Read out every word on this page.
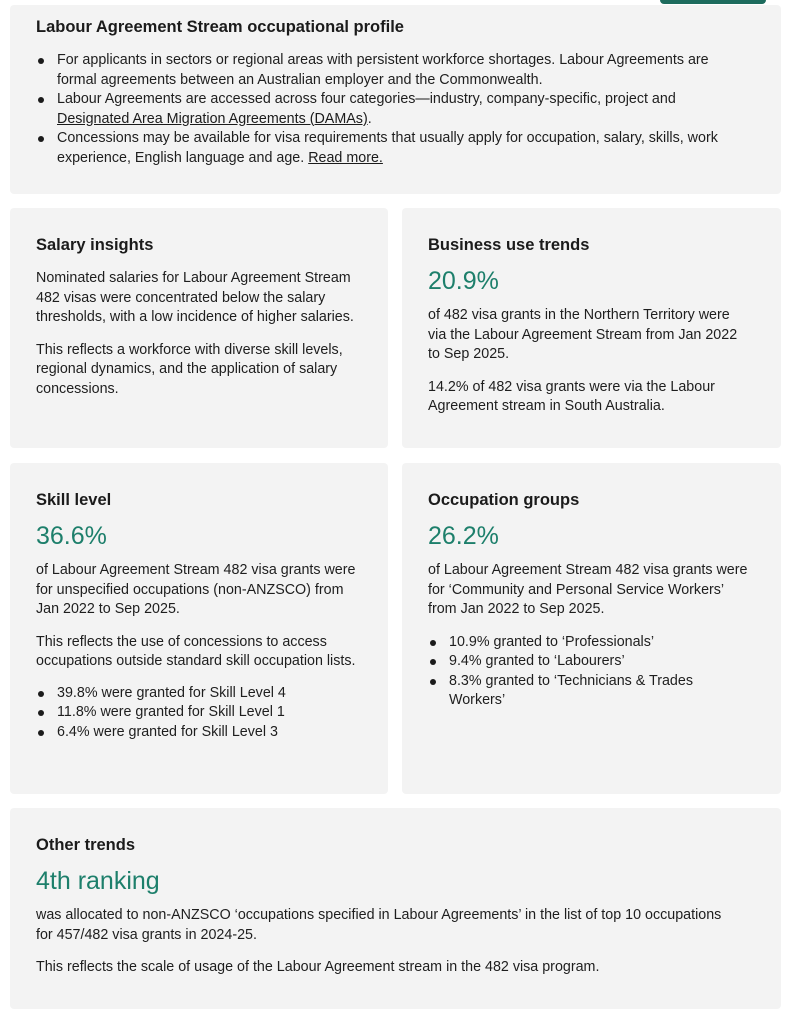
Labour Agreement Stream occupational profile
For applicants in sectors or regional areas with persistent workforce shortages. Labour Agreements are formal agreements between an Australian employer and the Commonwealth.
Labour Agreements are accessed across four categories—industry, company-specific, project and Designated Area Migration Agreements (DAMAs).
Concessions may be available for visa requirements that usually apply for occupation, salary, skills, work experience, English language and age. Read more.
Salary insights

Nominated salaries for Labour Agreement Stream 482 visas were concentrated below the salary thresholds, with a low incidence of higher salaries.

This reflects a workforce with diverse skill levels, regional dynamics, and the application of salary concessions.

Business use trends
20.9%

of 482 visa grants in the Northern Territory were via the Labour Agreement Stream from Jan 2022 to Sep 2025.

14.2% of 482 visa grants were via the Labour Agreement stream in South Australia.

Skill level
36.6%

of Labour Agreement Stream 482 visa grants were for unspecified occupations (non-ANZSCO) from Jan 2022 to Sep 2025.

This reflects the use of concessions to access occupations outside standard skill occupation lists.

39.8% were granted for Skill Level 4
11.8% were granted for Skill Level 1
6.4% were granted for Skill Level 3
Occupation groups
26.2%

of Labour Agreement Stream 482 visa grants were for ‘Community and Personal Service Workers’ from Jan 2022 to Sep 2025.

10.9% granted to ‘Professionals’
9.4% granted to ‘Labourers’
8.3% granted to ‘Technicians & Trades Workers’
Other trends
4th ranking

was allocated to non-ANZSCO ‘occupations specified in Labour Agreements’ in the list of top 10 occupations for 457/482 visa grants in 2024-25.

This reflects the scale of usage of the Labour Agreement stream in the 482 visa program.
